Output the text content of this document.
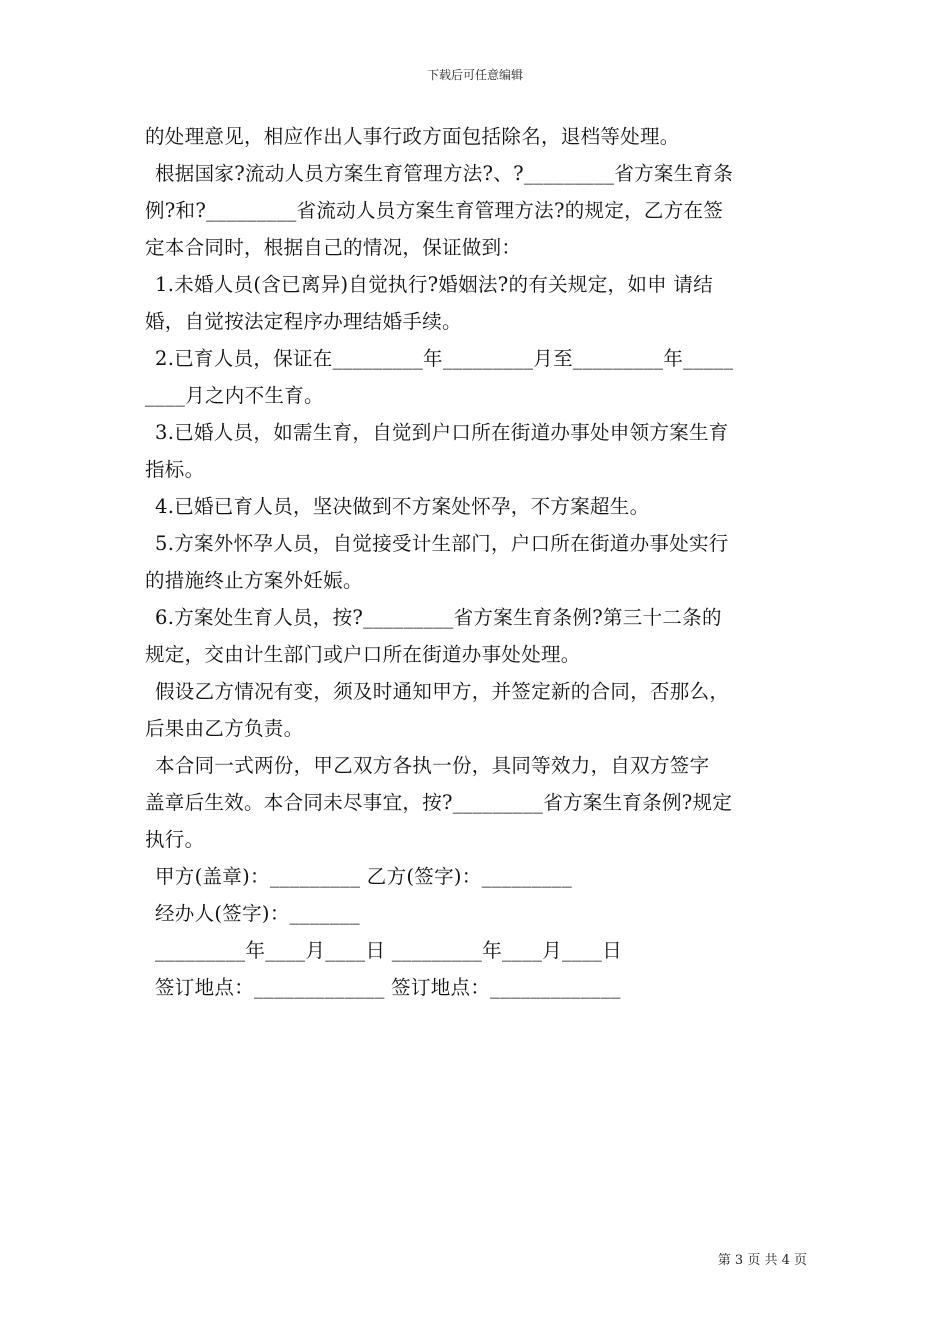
下载后可任意编辑
的处理意见，相应作出人事行政方面包括除名，退档等处理。
根据国家?流动人员方案生育管理方法?、?_________省方案生育条
例?和?_________省流动人员方案生育管理方法?的规定，乙方在签
定本合同时，根据自己的情况，保证做到：
1.未婚人员(含已离异)自觉执行?婚姻法?的有关规定，如申 请结
婚，自觉按法定程序办理结婚手续。
2.已育人员，保证在_________年_________月至_________年_____
____月之内不生育。
3.已婚人员，如需生育，自觉到户口所在街道办事处申领方案生育
指标。
4.已婚已育人员，坚决做到不方案处怀孕，不方案超生。
5.方案外怀孕人员，自觉接受计生部门，户口所在街道办事处实行
的措施终止方案外妊娠。
6.方案处生育人员，按?_________省方案生育条例?第三十二条的
规定，交由计生部门或户口所在街道办事处处理。
假设乙方情况有变，须及时通知甲方，并签定新的合同，否那么，
后果由乙方负责。
本合同一式两份，甲乙双方各执一份，具同等效力，自双方签字
盖章后生效。本合同未尽事宜，按?_________省方案生育条例?规定
执行。
甲方(盖章)：_________ 乙方(签字)：_________
经办人(签字)：_______
_________年____月____日 _________年____月____日
签订地点：_____________ 签订地点：_____________
第 3 页 共 4 页
